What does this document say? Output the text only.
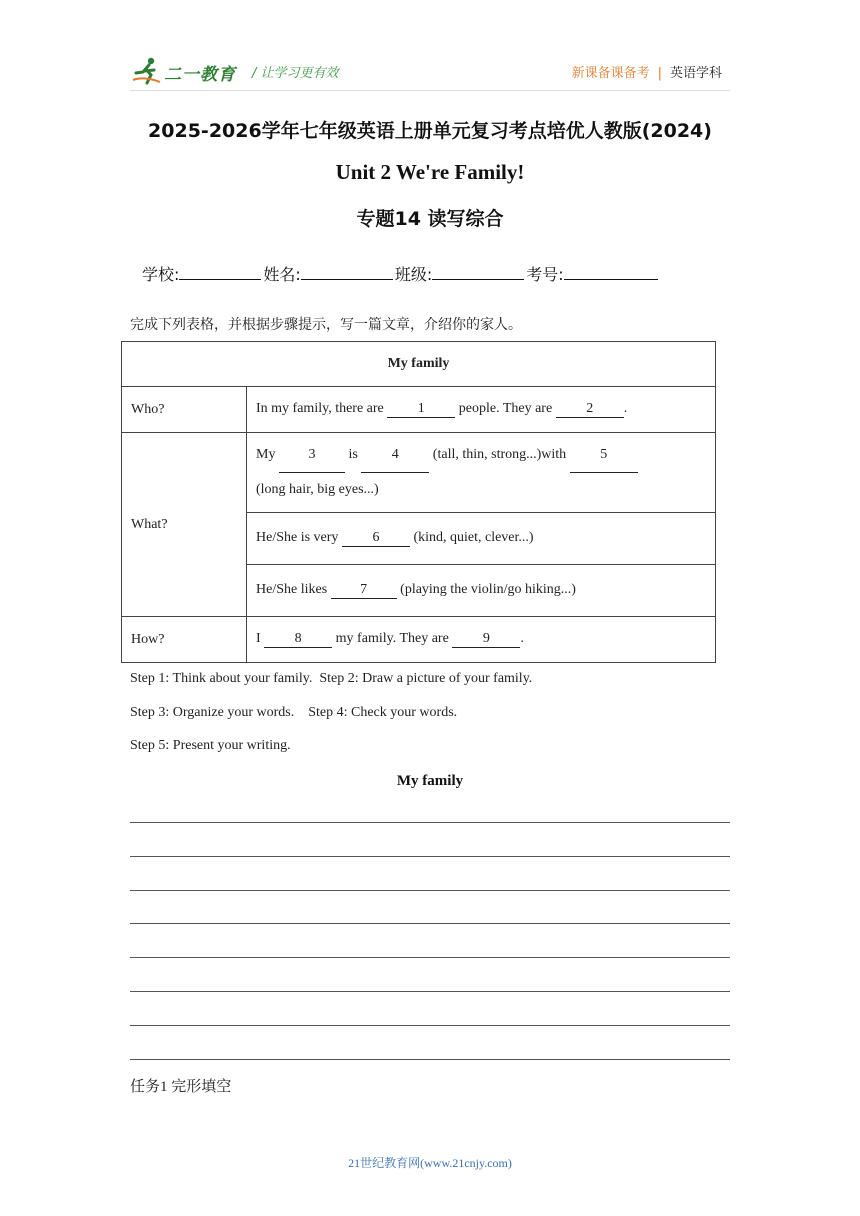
二一教育 / 让学习更有效	新课备课备考 | 英语学科
2025-2026学年七年级英语上册单元复习考点培优人教版(2024)
Unit 2 We're Family!
专题14 读写综合
学校:	姓名:	班级:	考号:
完成下列表格，并根据步骤提示，写一篇文章，介绍你的家人。
My family	
Who?	In my family, there are 1 people. They are 2 .
What?	My 3 is 4 (tall, thin, strong...)with 5
(long hair, big eyes...)
	He/She is very 6 (kind, quiet, clever...)
	He/She likes 7 (playing the violin/go hiking...)
How?	I 8 my family. They are 9 .
Step 1: Think about your family.  Step 2: Draw a picture of your family.
Step 3: Organize your words.    Step 4: Check your words.
Step 5: Present your writing.
My family
任务1 完形填空
21世纪教育网(www.21cnjy.com)
